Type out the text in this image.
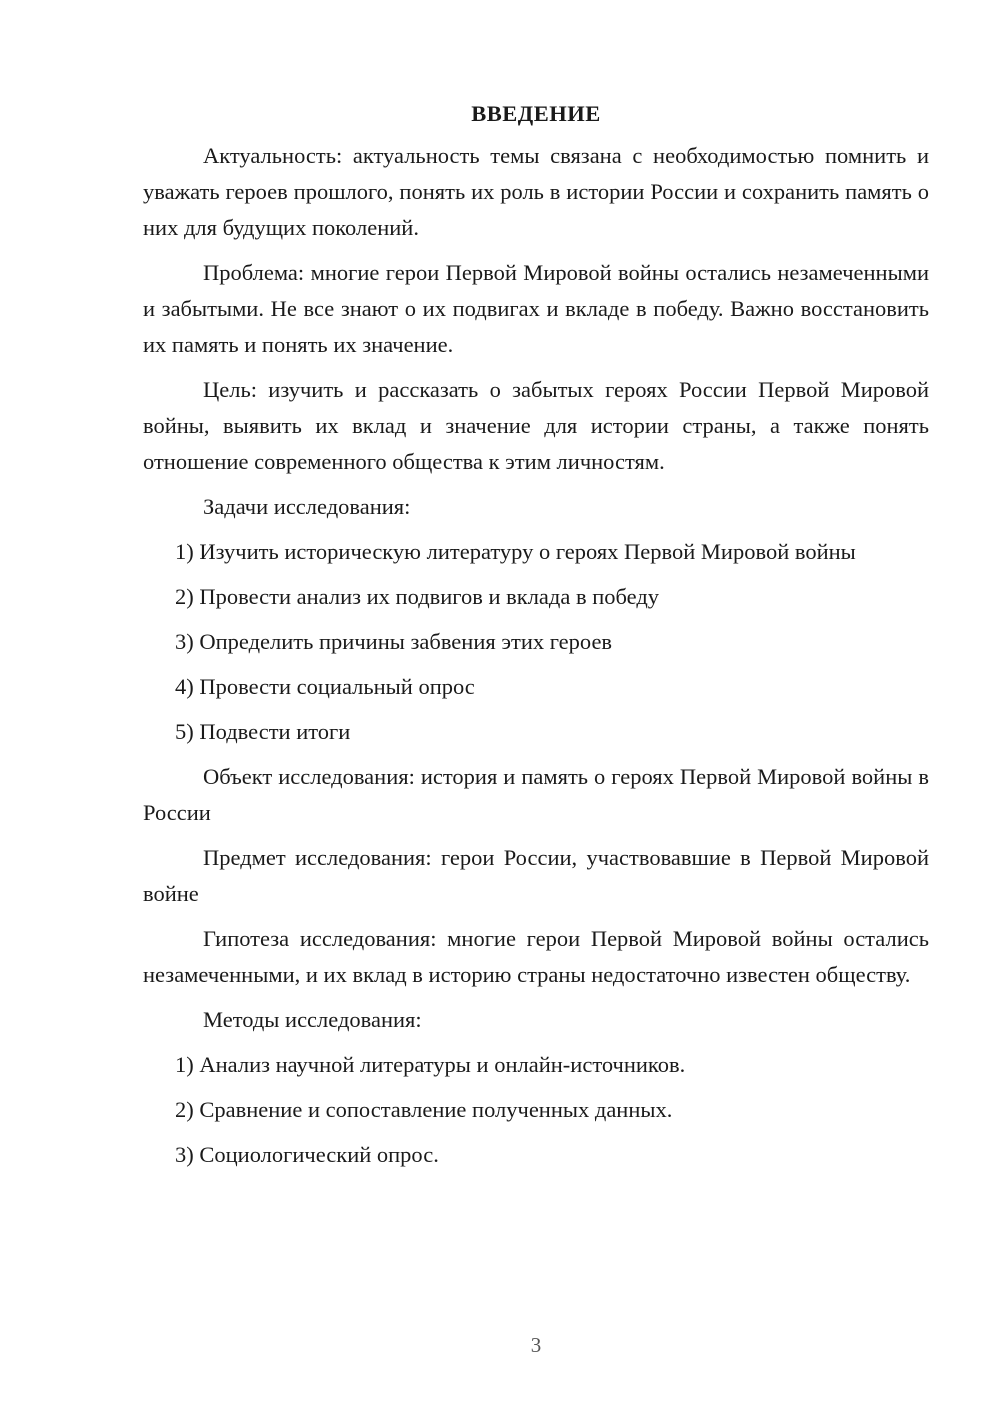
ВВЕДЕНИЕ

Актуальность: актуальность темы связана с необходимостью помнить и уважать героев прошлого, понять их роль в истории России и сохранить память о них для будущих поколений.

Проблема: многие герои Первой Мировой войны остались незамеченными и забытыми. Не все знают о их подвигах и вкладе в победу. Важно восстановить их память и понять их значение.

Цель: изучить и рассказать о забытых героях России Первой Мировой войны, выявить их вклад и значение для истории страны, а также понять отношение современного общества к этим личностям.

Задачи исследования:

1) Изучить историческую литературу о героях Первой Мировой войны

2) Провести анализ их подвигов и вклада в победу

3) Определить причины забвения этих героев

4) Провести социальный опрос

5) Подвести итоги

Объект исследования: история и память о героях Первой Мировой войны в России

Предмет исследования: герои России, участвовавшие в Первой Мировой войне

Гипотеза исследования: многие герои Первой Мировой войны остались незамеченными, и их вклад в историю страны недостаточно известен обществу.

Методы исследования:

1) Анализ научной литературы и онлайн-источников.

2) Сравнение и сопоставление полученных данных.

3) Социологический опрос.

3
